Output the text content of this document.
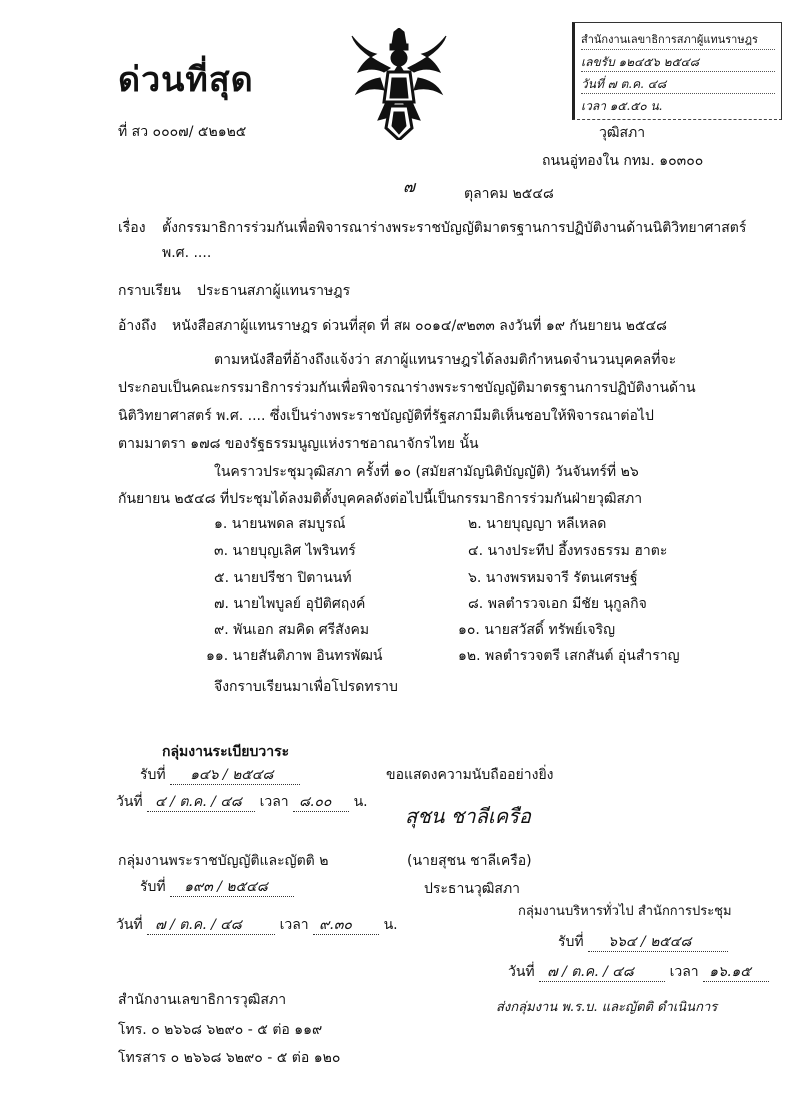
ด่วนที่สุด
ที่ สว ๐๐๐๗/ ๕๒๑๒๕
สำนักงานเลขาธิการสภาผู้แทนราษฎร
เลขรับ ๑๒๔๕๖ ๒๕๔๘
วันที่ ๗ ต.ค. ๔๘
เวลา ๑๕.๕๐ น.
วุฒิสภา
ถนนอู่ทองใน กทม. ๑๐๓๐๐
๗	ตุลาคม ๒๕๔๘
เรื่อง ตั้งกรรมาธิการร่วมกันเพื่อพิจารณาร่างพระราชบัญญัติมาตรฐานการปฏิบัติงานด้านนิติวิทยาศาสตร์
พ.ศ. ....
กราบเรียน ประธานสภาผู้แทนราษฎร
อ้างถึง หนังสือสภาผู้แทนราษฎร ด่วนที่สุด ที่ สผ ๐๐๑๔/๙๒๓๓ ลงวันที่ ๑๙ กันยายน ๒๕๔๘
ตามหนังสือที่อ้างถึงแจ้งว่า สภาผู้แทนราษฎรได้ลงมติกำหนดจำนวนบุคคลที่จะ
ประกอบเป็นคณะกรรมาธิการร่วมกันเพื่อพิจารณาร่างพระราชบัญญัติมาตรฐานการปฏิบัติงานด้าน
นิติวิทยาศาสตร์ พ.ศ. .... ซึ่งเป็นร่างพระราชบัญญัติที่รัฐสภามีมติเห็นชอบให้พิจารณาต่อไป
ตามมาตรา ๑๗๘ ของรัฐธรรมนูญแห่งราชอาณาจักรไทย นั้น
ในคราวประชุมวุฒิสภา ครั้งที่ ๑๐ (สมัยสามัญนิติบัญญัติ) วันจันทร์ที่ ๒๖
กันยายน ๒๕๔๘ ที่ประชุมได้ลงมติตั้งบุคคลดังต่อไปนี้เป็นกรรมาธิการร่วมกันฝ่ายวุฒิสภา
๑. นายนพดล สมบูรณ์	๒. นายบุญญา หลีเหลด
๓. นายบุญเลิศ ไพรินทร์	๔. นางประทีป อึ้งทรงธรรม ฮาตะ
๕. นายปรีชา ปิตานนท์	๖. นางพรหมจารี รัตนเศรษฐ์
๗. นายไพบูลย์ อุปัติศฤงค์	๘. พลตำรวจเอก มีชัย นุกูลกิจ
๙. พันเอก สมคิด ศรีสังคม	๑๐. นายสวัสดิ์ ทรัพย์เจริญ
๑๑. นายสันติภาพ อินทรพัฒน์	๑๒. พลตำรวจตรี เสกสันต์ อุ่นสำราญ
จึงกราบเรียนมาเพื่อโปรดทราบ
ขอแสดงความนับถืออย่างยิ่ง
สุชน ชาลีเครือ
(นายสุชน ชาลีเครือ)
ประธานวุฒิสภา
กลุ่มงานระเบียบวาระ
รับที่ ๑๔๖ / ๒๕๔๘
วันที่ ๔ / ต.ค. / ๔๘ เวลา ๘.๐๐ น.
กลุ่มงานพระราชบัญญัติและญัตติ ๒
รับที่ ๑๙๓ / ๒๕๔๘
วันที่ ๗ / ต.ค. / ๔๘	เวลา ๙.๓๐ น.
กลุ่มงานบริหารทั่วไป สำนักการประชุม
รับที่ ๖๖๔ / ๒๕๔๘
วันที่ ๗ / ต.ค. / ๔๘	เวลา ๑๖.๑๕
ส่งกลุ่มงาน พ.ร.บ. และญัตติ ดำเนินการ
สำนักงานเลขาธิการวุฒิสภา
โทร. ๐ ๒๖๖๘ ๖๒๙๐ - ๕ ต่อ ๑๑๙
โทรสาร ๐ ๒๖๖๘ ๖๒๙๐ - ๕ ต่อ ๑๒๐
